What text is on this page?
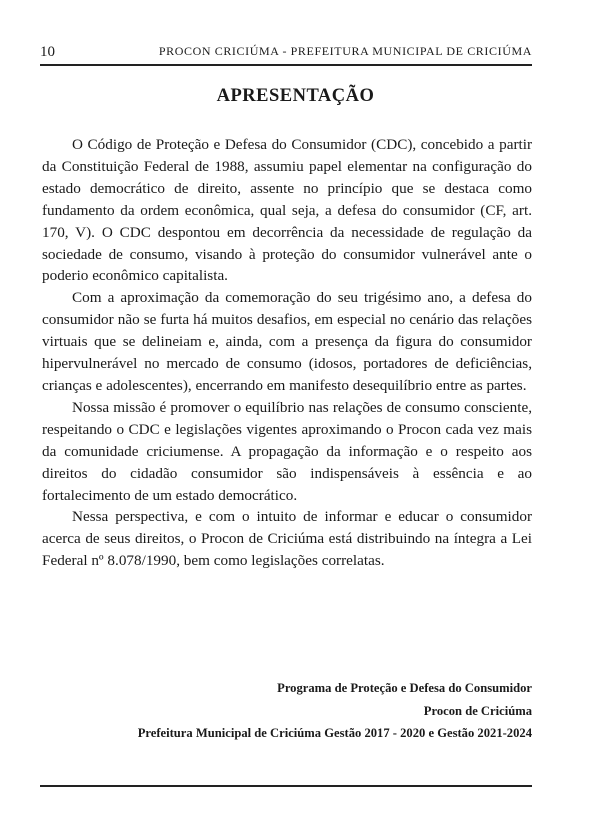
10	PROCON CRICIÚMA - PREFEITURA MUNICIPAL DE CRICIÚMA
APRESENTAÇÃO

O Código de Proteção e Defesa do Consumidor (CDC), concebido a partir da Constituição Federal de 1988, assumiu papel elementar na configuração do estado democrático de direito, assente no princípio que se destaca como fundamento da ordem econômica, qual seja, a defesa do consumidor (CF, art. 170, V). O CDC despontou em decorrência da necessidade de regulação da sociedade de consumo, visando à proteção do consumidor vulnerável ante o poderio econômico capitalista.

Com a aproximação da comemoração do seu trigésimo ano, a defesa do consumidor não se furta há muitos desafios, em especial no cenário das relações virtuais que se delineiam e, ainda, com a presença da figura do consumidor hipervulnerável no mercado de consumo (idosos, portadores de deficiências, crianças e adolescentes), encerrando em manifesto desequilíbrio entre as partes.

Nossa missão é promover o equilíbrio nas relações de consumo consciente, respeitando o CDC e legislações vigentes aproximando o Procon cada vez mais da comunidade criciumense. A propagação da informação e o respeito aos direitos do cidadão consumidor são indispensáveis à essência e ao fortalecimento de um estado democrático.

Nessa perspectiva, e com o intuito de informar e educar o consumidor acerca de seus direitos, o Procon de Criciúma está distribuindo na íntegra a Lei Federal nº 8.078/1990, bem como legislações correlatas.

Programa de Proteção e Defesa do Consumidor
Procon de Criciúma
Prefeitura Municipal de Criciúma Gestão 2017 - 2020 e Gestão 2021-2024
